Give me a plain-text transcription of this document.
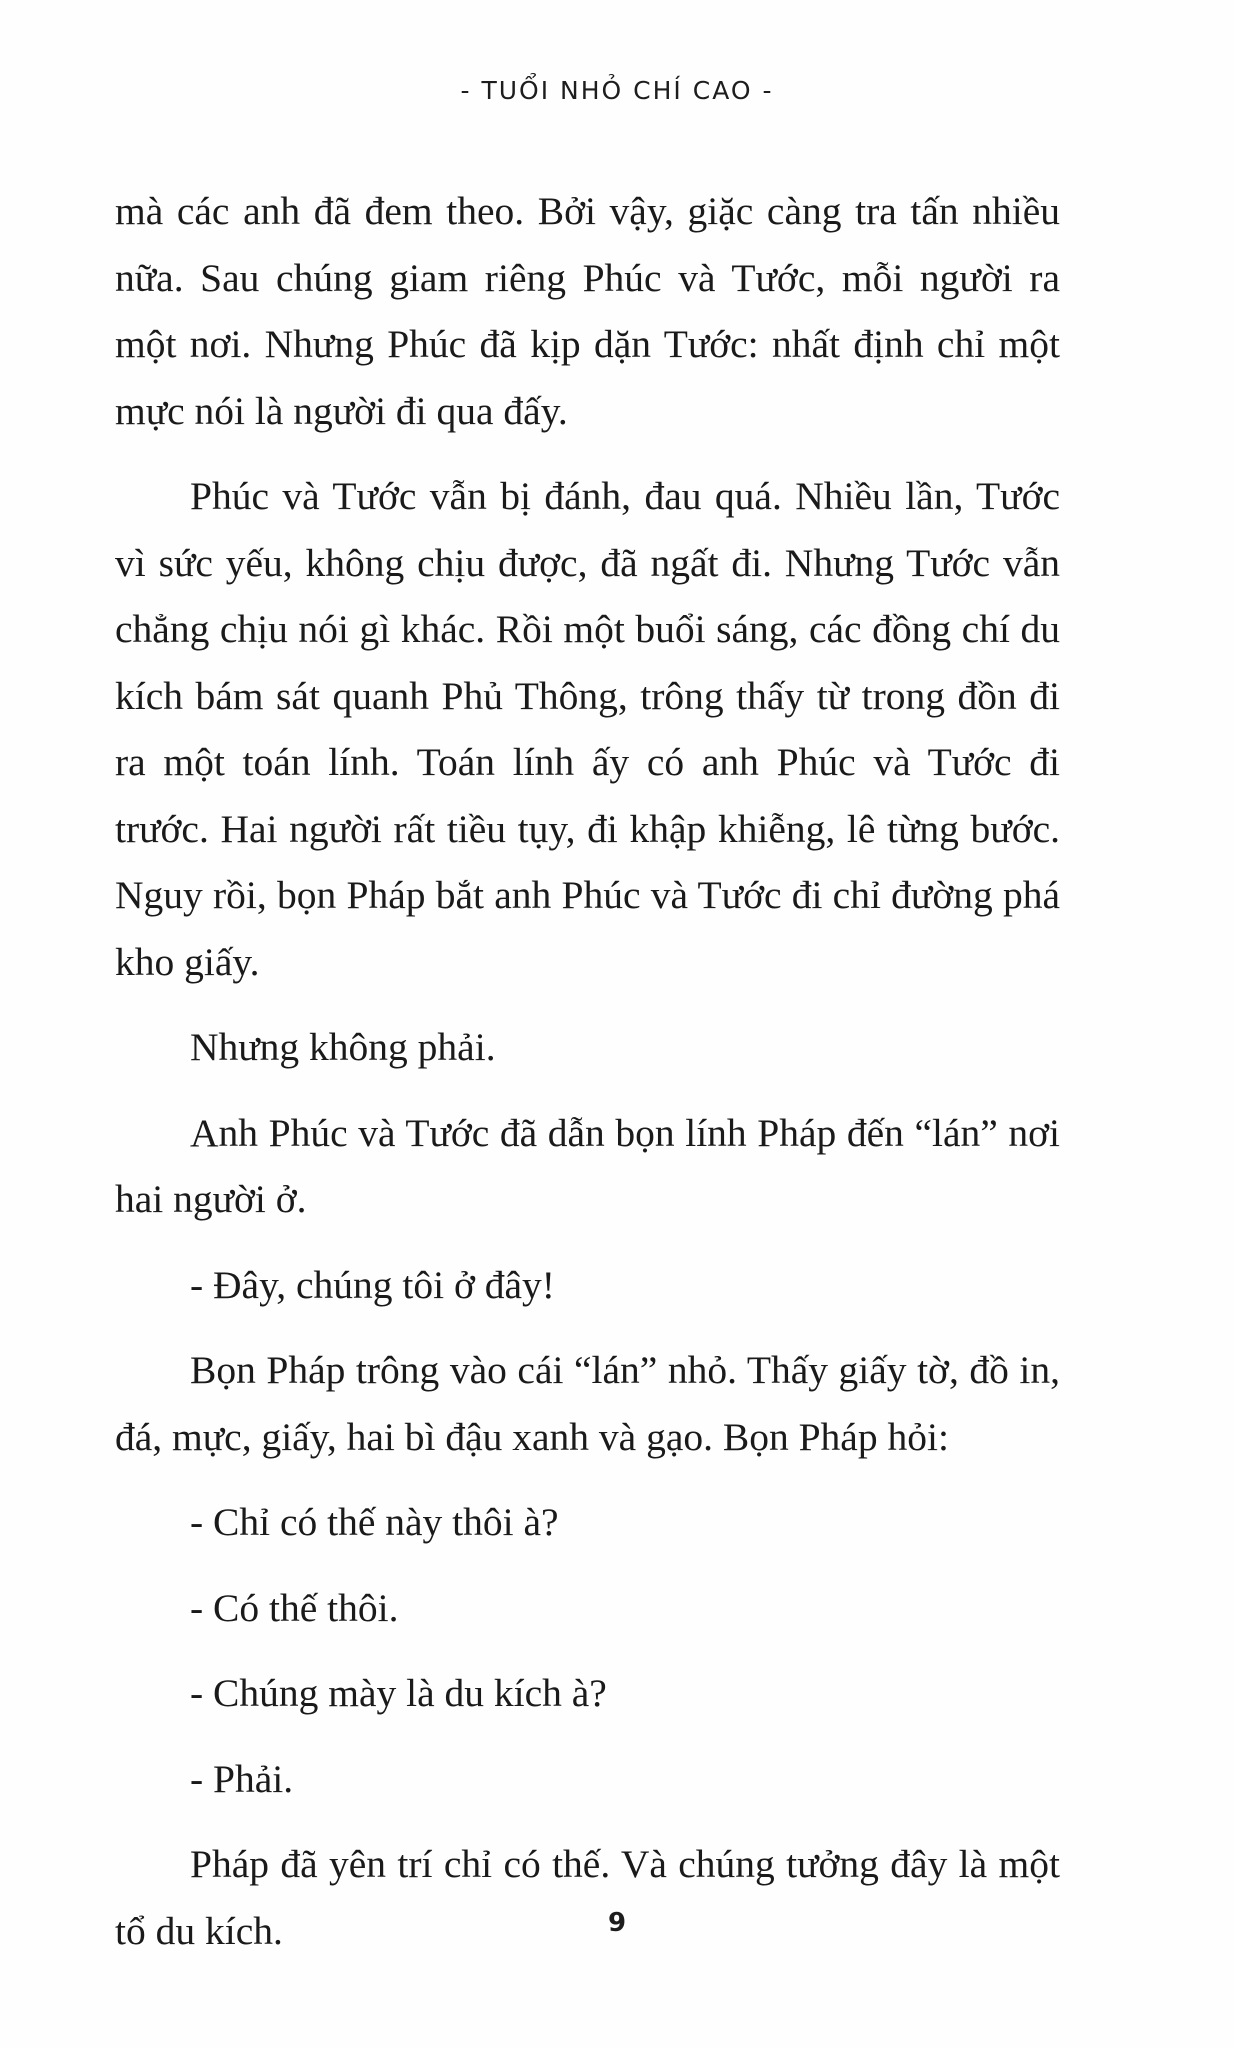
- TUỔI NHỎ CHÍ CAO -

mà các anh đã đem theo. Bởi vậy, giặc càng tra tấn nhiều nữa. Sau chúng giam riêng Phúc và Tước, mỗi người ra một nơi. Nhưng Phúc đã kịp dặn Tước: nhất định chỉ một mực nói là người đi qua đấy.

Phúc và Tước vẫn bị đánh, đau quá. Nhiều lần, Tước vì sức yếu, không chịu được, đã ngất đi. Nhưng Tước vẫn chẳng chịu nói gì khác. Rồi một buổi sáng, các đồng chí du kích bám sát quanh Phủ Thông, trông thấy từ trong đồn đi ra một toán lính. Toán lính ấy có anh Phúc và Tước đi trước. Hai người rất tiều tụy, đi khập khiễng, lê từng bước. Nguy rồi, bọn Pháp bắt anh Phúc và Tước đi chỉ đường phá kho giấy.

Nhưng không phải.

Anh Phúc và Tước đã dẫn bọn lính Pháp đến “lán” nơi hai người ở.

- Đây, chúng tôi ở đây!

Bọn Pháp trông vào cái “lán” nhỏ. Thấy giấy tờ, đồ in, đá, mực, giấy, hai bì đậu xanh và gạo. Bọn Pháp hỏi:

- Chỉ có thế này thôi à?

- Có thế thôi.

- Chúng mày là du kích à?

- Phải.

Pháp đã yên trí chỉ có thế. Và chúng tưởng đây là một tổ du kích.	9
